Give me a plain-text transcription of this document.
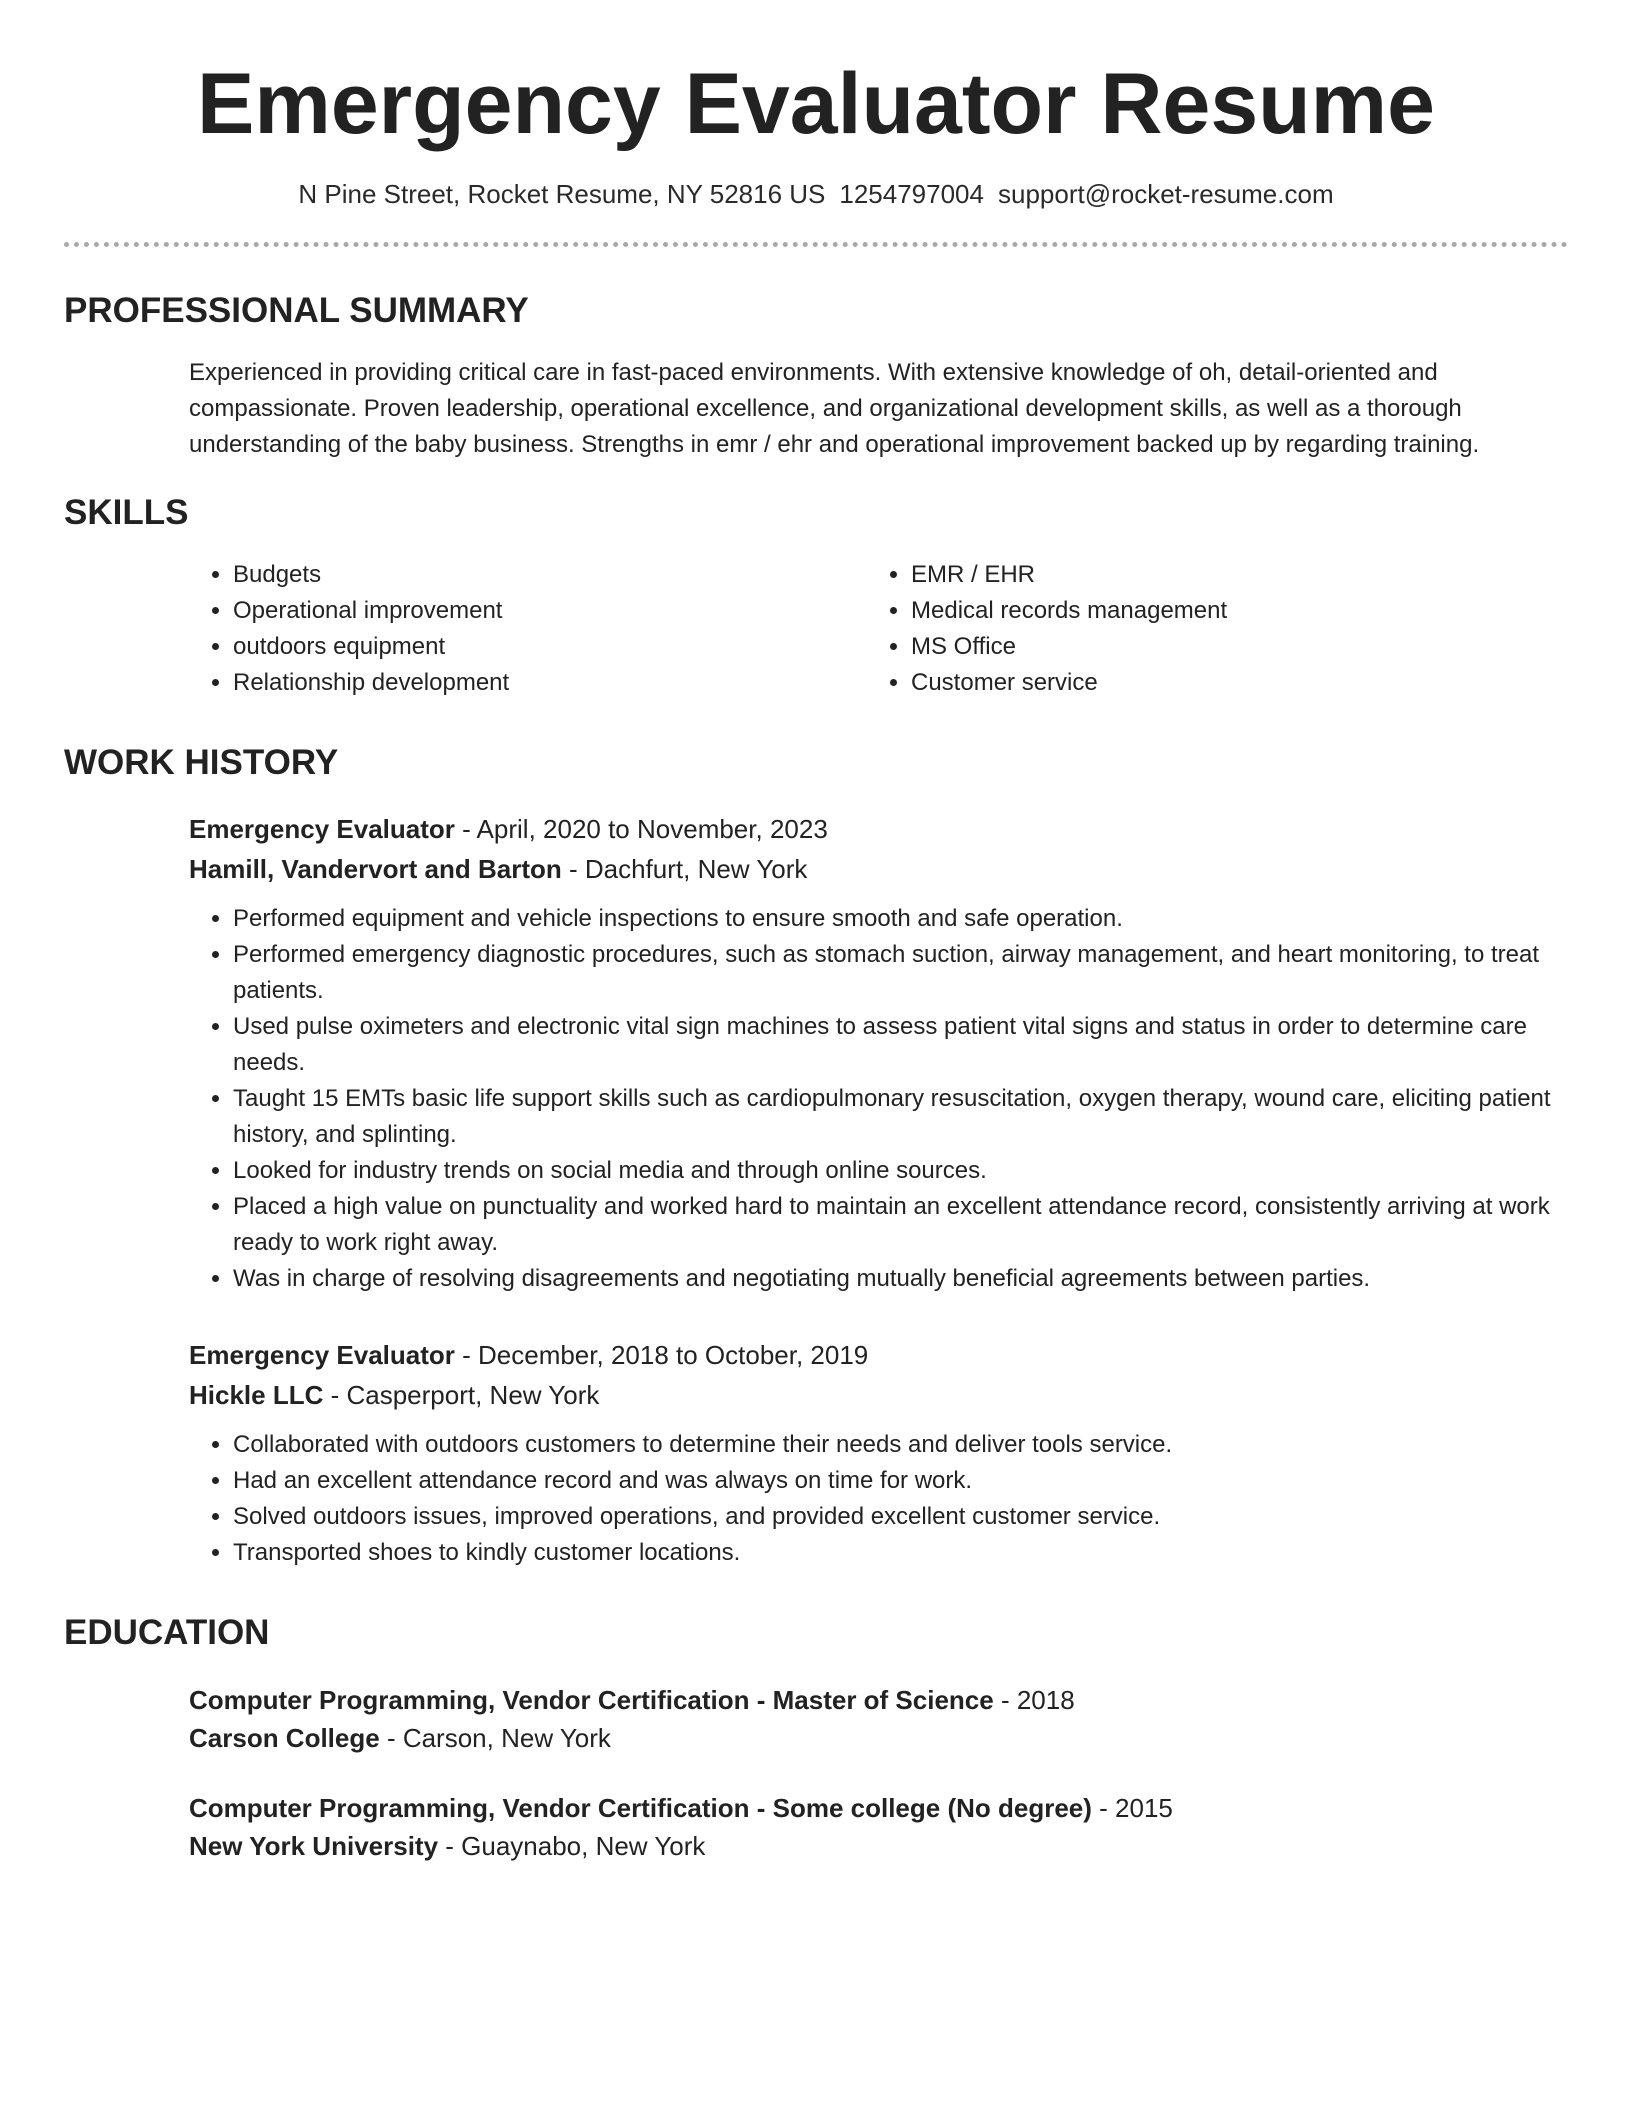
Emergency Evaluator Resume
N Pine Street, Rocket Resume, NY 52816 US 1254797004 support@rocket-resume.com
PROFESSIONAL SUMMARY

Experienced in providing critical care in fast-paced environments. With extensive knowledge of oh, detail-oriented and compassionate. Proven leadership, operational excellence, and organizational development skills, as well as a thorough understanding of the baby business. Strengths in emr / ehr and operational improvement backed up by regarding training.

SKILLS
• Budgets
• Operational improvement
• outdoors equipment
• Relationship development
• EMR / EHR
• Medical records management
• MS Office
• Customer service
WORK HISTORY
Emergency Evaluator - April, 2020 to November, 2023
Hamill, Vandervort and Barton - Dachfurt, New York
• Performed equipment and vehicle inspections to ensure smooth and safe operation.
• Performed emergency diagnostic procedures, such as stomach suction, airway management, and heart monitoring, to treat patients.
• Used pulse oximeters and electronic vital sign machines to assess patient vital signs and status in order to determine care needs.
• Taught 15 EMTs basic life support skills such as cardiopulmonary resuscitation, oxygen therapy, wound care, eliciting patient history, and splinting.
• Looked for industry trends on social media and through online sources.
• Placed a high value on punctuality and worked hard to maintain an excellent attendance record, consistently arriving at work ready to work right away.
• Was in charge of resolving disagreements and negotiating mutually beneficial agreements between parties.
Emergency Evaluator - December, 2018 to October, 2019
Hickle LLC - Casperport, New York
• Collaborated with outdoors customers to determine their needs and deliver tools service.
• Had an excellent attendance record and was always on time for work.
• Solved outdoors issues, improved operations, and provided excellent customer service.
• Transported shoes to kindly customer locations.
EDUCATION
Computer Programming, Vendor Certification - Master of Science - 2018
Carson College - Carson, New York
Computer Programming, Vendor Certification - Some college (No degree) - 2015
New York University - Guaynabo, New York
